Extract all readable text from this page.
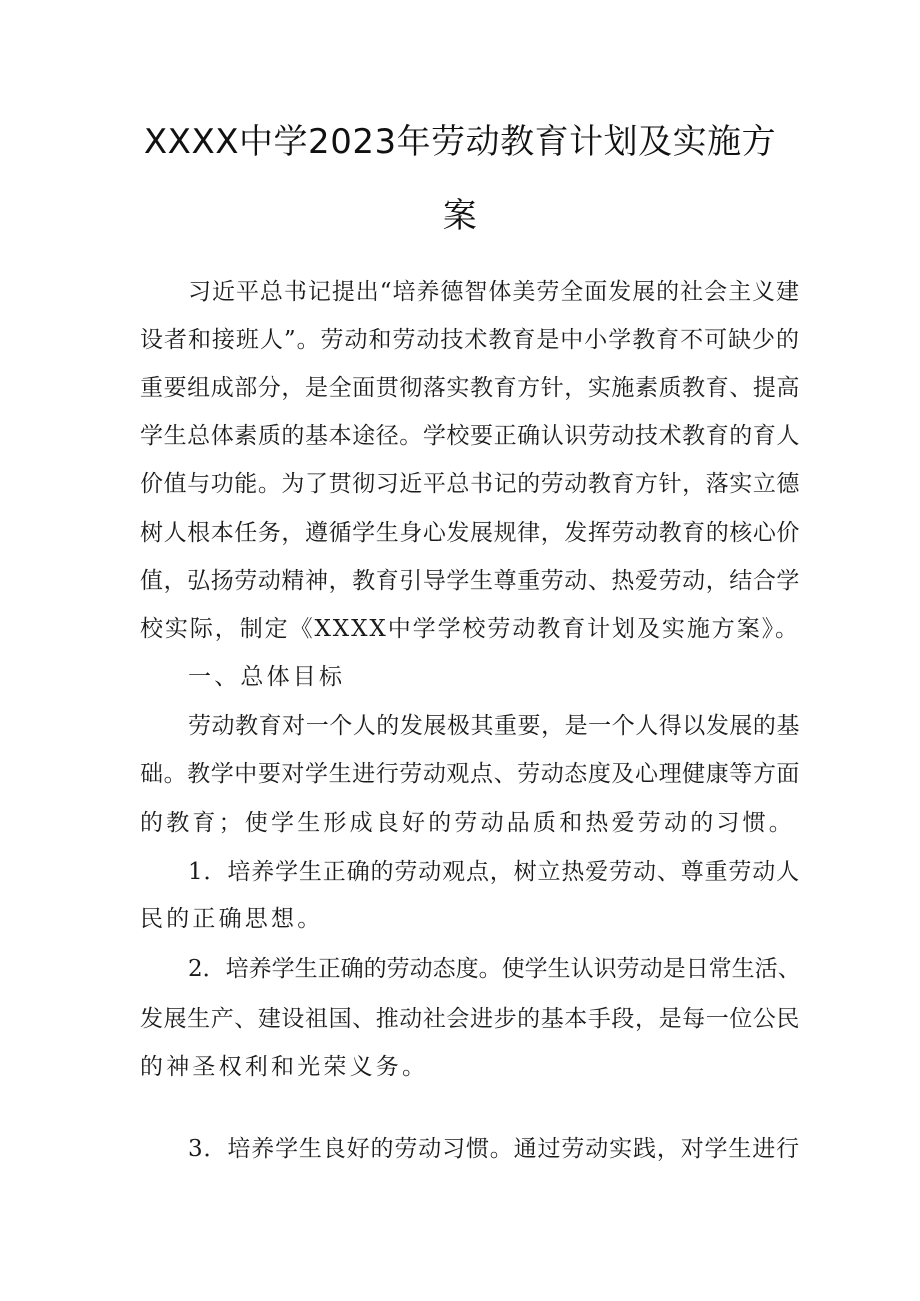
XXXX中学2023年劳动教育计划及实施方
案

习近平总书记提出“培养德智体美劳全面发展的社会主义建

设者和接班人”。劳动和劳动技术教育是中小学教育不可缺少的

重要组成部分，是全面贯彻落实教育方针，实施素质教育、提高

学生总体素质的基本途径。学校要正确认识劳动技术教育的育人

价值与功能。为了贯彻习近平总书记的劳动教育方针，落实立德

树人根本任务，遵循学生身心发展规律，发挥劳动教育的核心价

值，弘扬劳动精神，教育引导学生尊重劳动、热爱劳动，结合学

校实际，制定《XXXX中学学校劳动教育计划及实施方案》。

一、总体目标

劳动教育对一个人的发展极其重要，是一个人得以发展的基

础。教学中要对学生进行劳动观点、劳动态度及心理健康等方面

的教育；使学生形成良好的劳动品质和热爱劳动的习惯。

1．培养学生正确的劳动观点，树立热爱劳动、尊重劳动人

民的正确思想。

2．培养学生正确的劳动态度。使学生认识劳动是日常生活、

发展生产、建设祖国、推动社会进步的基本手段，是每一位公民

的神圣权利和光荣义务。

3．培养学生良好的劳动习惯。通过劳动实践，对学生进行
